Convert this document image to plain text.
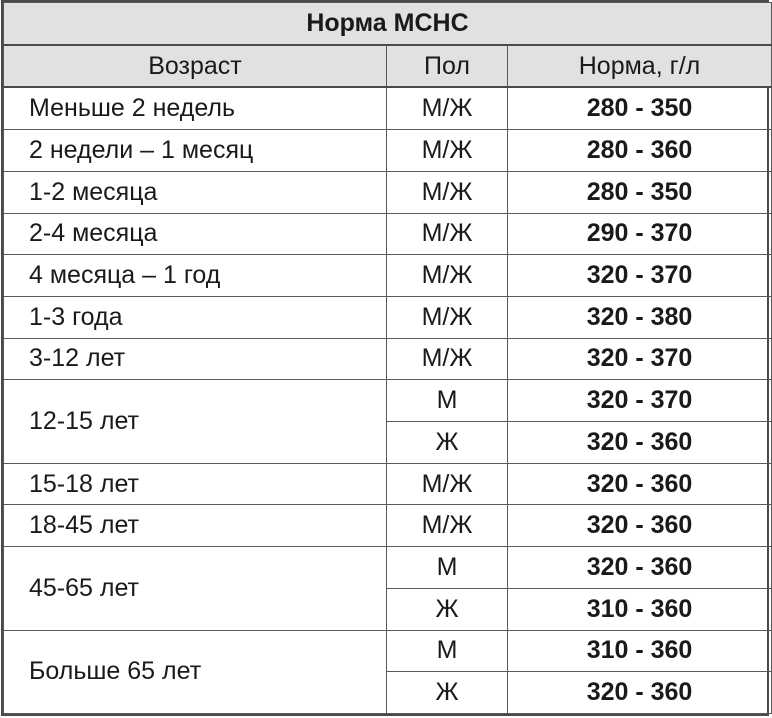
Норма МСНС		
Возраст	Пол	Норма, г/л
Меньше 2 недель	М/Ж	280 - 350
2 недели – 1 месяц	М/Ж	280 - 360
1-2 месяца	М/Ж	280 - 350
2-4 месяца	М/Ж	290 - 370
4 месяца – 1 год	М/Ж	320 - 370
1-3 года	М/Ж	320 - 380
3-12 лет	М/Ж	320 - 370
12-15 лет	М	320 - 370
	Ж	320 - 360
15-18 лет	М/Ж	320 - 360
18-45 лет	М/Ж	320 - 360
45-65 лет	М	320 - 360
	Ж	310 - 360
Больше 65 лет	М	310 - 360
	Ж	320 - 360
